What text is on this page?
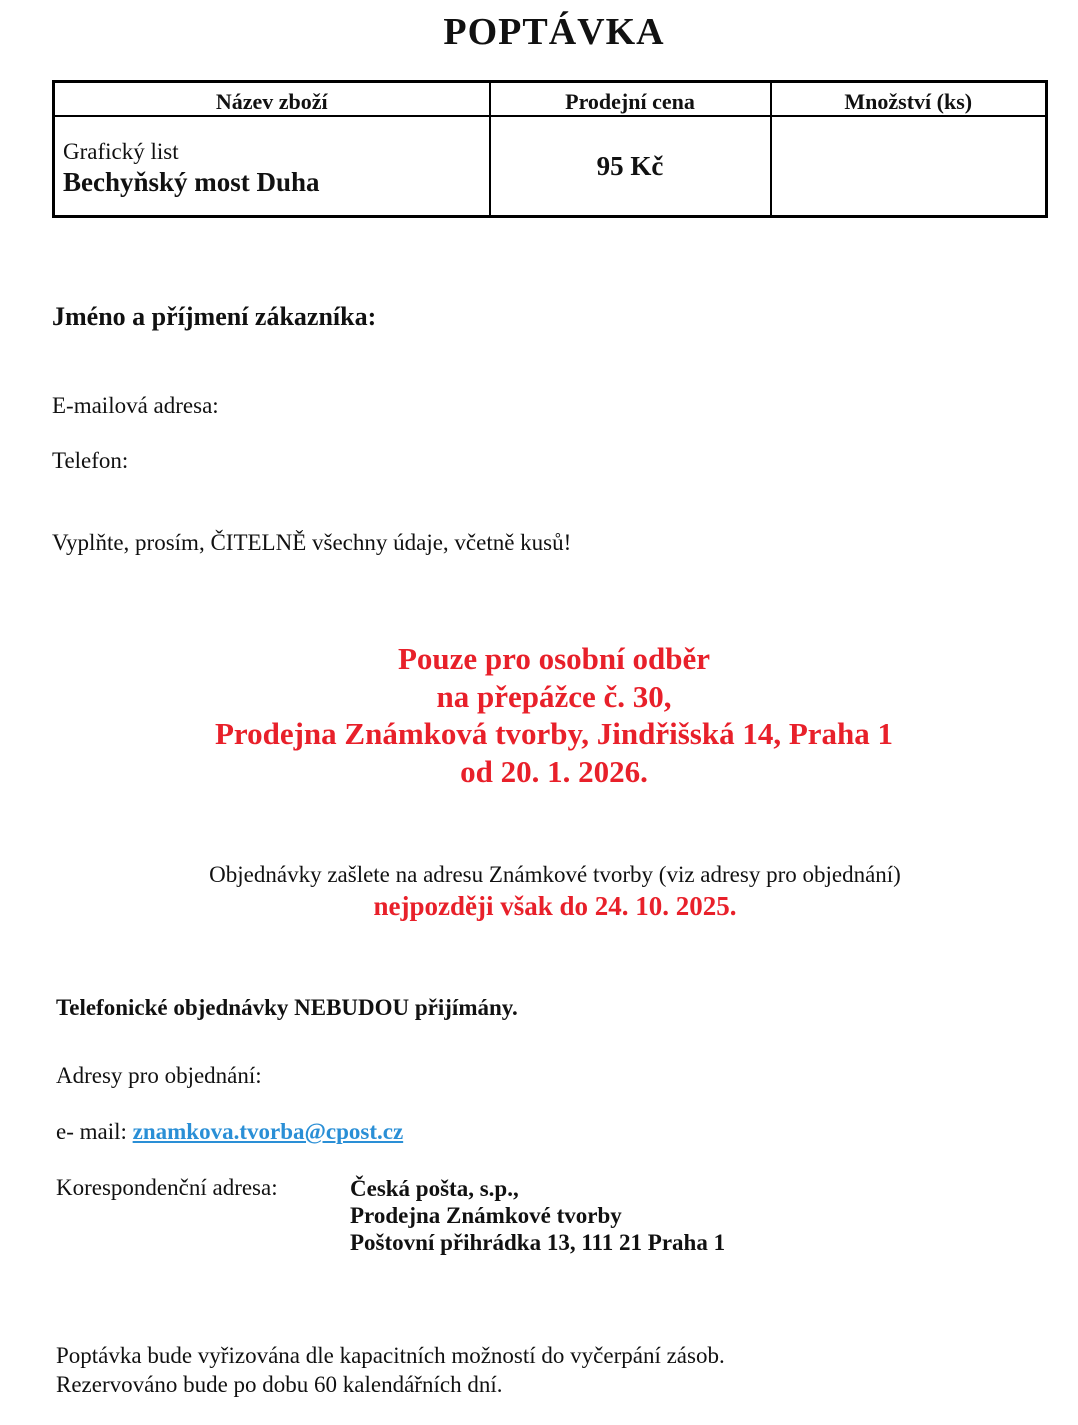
POPTÁVKA
Název zboží	Prodejní cena	Množství (ks)

Grafický list
Bechyňský most Duha	95 Kč	
Jméno a příjmení zákazníka:
E-mailová adresa:
Telefon:
Vyplňte, prosím, ČITELNĚ všechny údaje, včetně kusů!
Pouze pro osobní odběr
na přepážce č. 30,
Prodejna Známková tvorby, Jindřišská 14, Praha 1
od 20. 1. 2026.
Objednávky zašlete na adresu Známkové tvorby (viz adresy pro objednání)
nejpozději však do 24. 10. 2025.
Telefonické objednávky NEBUDOU přijímány.
Adresy pro objednání:
e- mail: znamkova.tvorba@cpost.cz
Korespondenční adresa:	Česká pošta, s.p.,
Prodejna Známkové tvorby
Poštovní přihrádka 13, 111 21 Praha 1
Poptávka bude vyřizována dle kapacitních možností do vyčerpání zásob.
Rezervováno bude po dobu 60 kalendářních dní.
